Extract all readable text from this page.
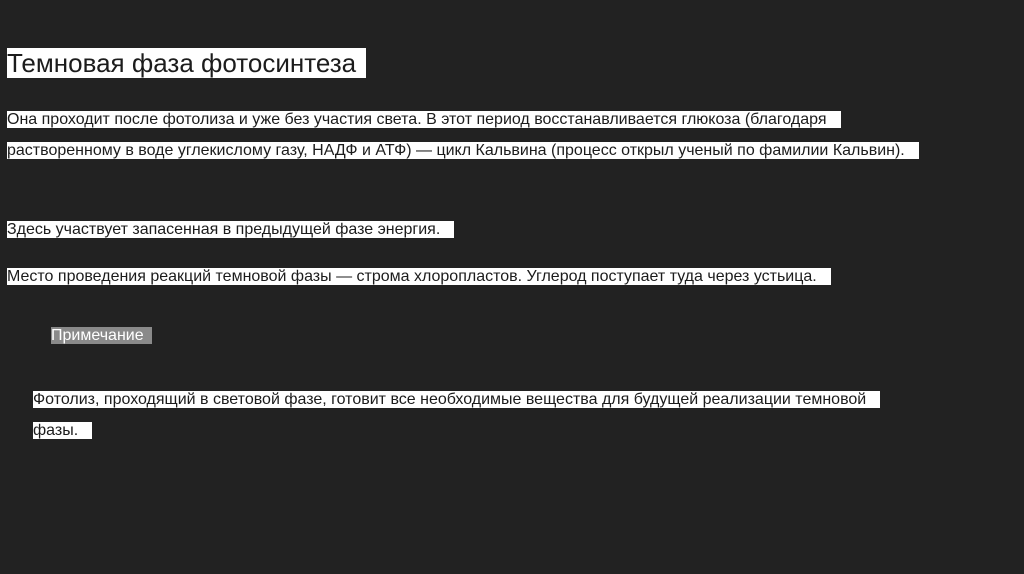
Темновая фаза фотосинтеза

Она проходит после фотолиза и уже без участия света. В этот период восстанавливается глюкоза (благодаря растворенному в воде углекислому газу, НАДФ и АТФ) — цикл Кальвина (процесс открыл ученый по фамилии Кальвин).

Здесь участвует запасенная в предыдущей фазе энергия.

Место проведения реакций темновой фазы — строма хлоропластов. Углерод поступает туда через устьица.

Примечание

Фотолиз, проходящий в световой фазе, готовит все необходимые вещества для будущей реализации темновой фазы.
